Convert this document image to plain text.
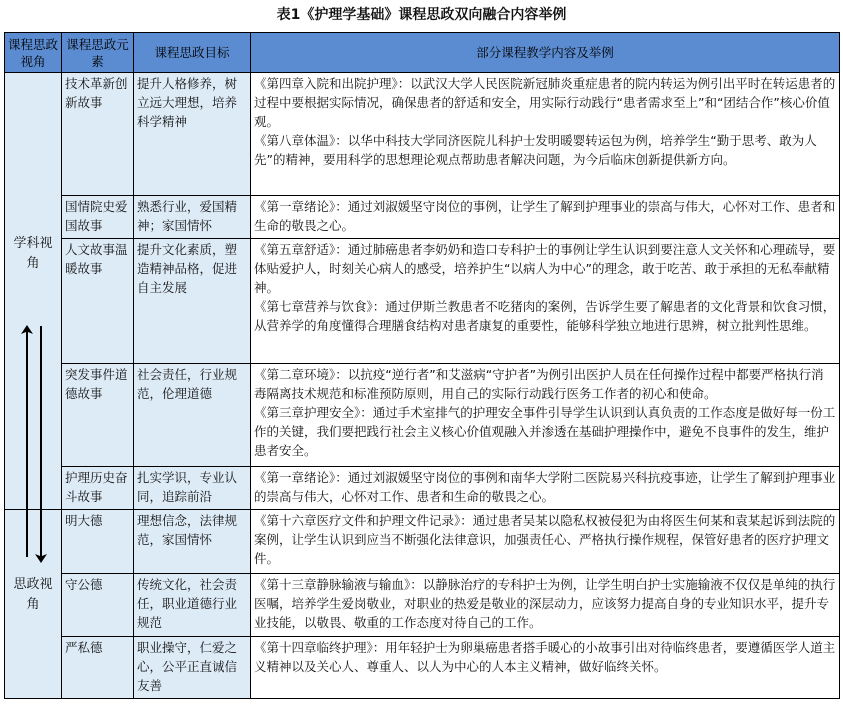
表1《护理学基础》课程思政双向融合内容举例
课程思政视角	课程思政元素	课程思政目标	部分课程教学内容及举例

学科视角	技术革新创新故事	提升人格修养，树立远大理想，培养科学精神	《第四章入院和出院护理》：以武汉大学人民医院新冠肺炎重症患者的院内转运为例引出平时在转运患者的过程中要根据实际情况，确保患者的舒适和安全，用实际行动践行“患者需求至上”和“团结合作”核心价值观。
《第八章体温》：以华中科技大学同济医院儿科护士发明暖婴转运包为例，培养学生“勤于思考、敢为人先”的精神，要用科学的思想理论观点帮助患者解决问题，为今后临床创新提供新方向。

	国情院史爱国故事	熟悉行业，爱国精神；家国情怀	《第一章绪论》：通过刘淑媛坚守岗位的事例，让学生了解到护理事业的崇高与伟大，心怀对工作、患者和生命的敬畏之心。

	人文故事温暖故事	提升文化素质，塑造精神品格，促进自主发展	《第五章舒适》：通过肺癌患者李奶奶和造口专科护士的事例让学生认识到要注意人文关怀和心理疏导，要体贴爱护人，时刻关心病人的感受，培养护生“以病人为中心”的理念，敢于吃苦、敢于承担的无私奉献精神。
《第七章营养与饮食》：通过伊斯兰教患者不吃猪肉的案例，告诉学生要了解患者的文化背景和饮食习惯，从营养学的角度懂得合理膳食结构对患者康复的重要性，能够科学独立地进行思辨，树立批判性思维。

	突发事件道德故事	社会责任，行业规范，伦理道德	《第二章环境》：以抗疫“逆行者”和艾滋病“守护者”为例引出医护人员在任何操作过程中都要严格执行消毒隔离技术规范和标准预防原则，用自己的实际行动践行医务工作者的初心和使命。
《第三章护理安全》：通过手术室排气的护理安全事件引导学生认识到认真负责的工作态度是做好每一份工作的关键，我们要把践行社会主义核心价值观融入并渗透在基础护理操作中，避免不良事件的发生，维护患者安全。

	护理历史奋斗故事	扎实学识，专业认同，追踪前沿	《第一章绪论》：通过刘淑媛坚守岗位的事例和南华大学附二医院易兴科抗疫事迹，让学生了解到护理事业的崇高与伟大，心怀对工作、患者和生命的敬畏之心。

思政视角	明大德	理想信念，法律规范，家国情怀	《第十六章医疗文件和护理文件记录》：通过患者吴某以隐私权被侵犯为由将医生何某和袁某起诉到法院的案例，让学生认识到应当不断强化法律意识，加强责任心、严格执行操作规程，保管好患者的医疗护理文件。

	守公德	传统文化，社会责任，职业道德行业规范	《第十三章静脉输液与输血》：以静脉治疗的专科护士为例，让学生明白护士实施输液不仅仅是单纯的执行医嘱，培养学生爱岗敬业，对职业的热爱是敬业的深层动力，应该努力提高自身的专业知识水平，提升专业技能，以敬畏、敬重的工作态度对待自己的工作。

	严私德	职业操守，仁爱之心，公平正直诚信友善	《第十四章临终护理》：用年轻护士为卵巢癌患者搭手暖心的小故事引出对待临终患者，要遵循医学人道主义精神以及关心人、尊重人、以人为中心的人本主义精神，做好临终关怀。
